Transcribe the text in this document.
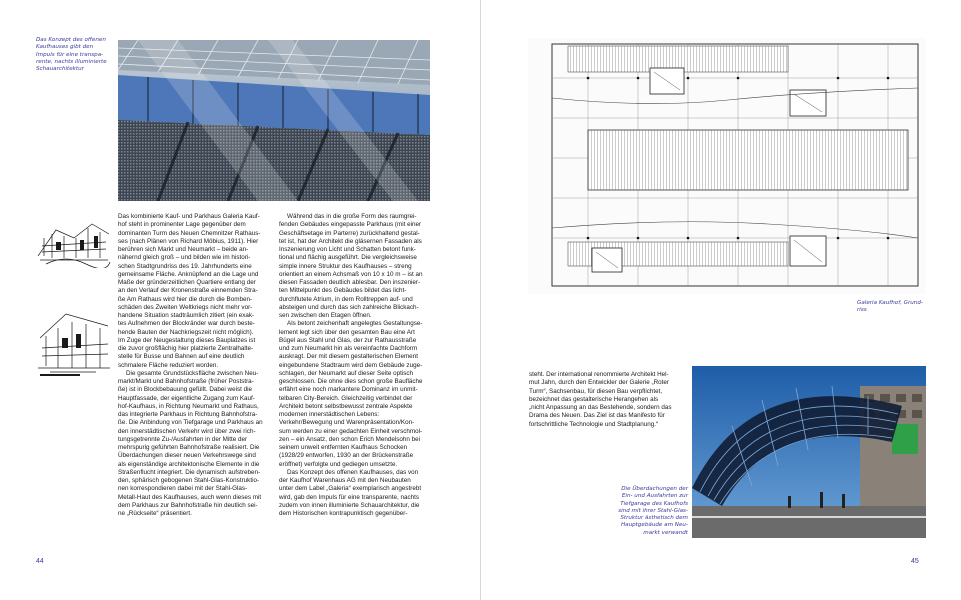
Das Konzept des offenen
Kaufhauses gibt den
Impuls für eine transpa-
rente, nachts illuminierte
Schauarchitektur

Das kombinierte Kauf- und Parkhaus Galeria Kauf-
hof steht in prominenter Lage gegenüber dem
dominanten Turm des Neuen Chemnitzer Rathaus-
ses (nach Plänen von Richard Möbius, 1911). Hier
berühren sich Markt und Neumarkt – beide an-
nähernd gleich groß – und bilden wie im histori-
schen Stadtgrundriss des 19. Jahrhunderts eine
gemeinsame Fläche. Anknüpfend an die Lage und
Maße der gründerzeitlichen Quartiere entlang der
an den Verlauf der Kronenstraße einnemden Stra-
ße Am Rathaus wird hier die durch die Bomben-
schäden des Zweiten Weltkriegs nicht mehr vor-
handene Situation stadträumlich zitiert (ein exak-
tes Aufnehmen der Blockränder war durch beste-
hende Bauten der Nachkriegszeit nicht möglich).
Im Zuge der Neugestaltung dieses Bauplatzes ist
die zuvor großflächig hier platzierte Zentralhalte-
stelle für Busse und Bahnen auf eine deutlich
schmalere Fläche reduziert worden.

Die gesamte Grundstücksfläche zwischen Neu-
markt/Markt und Bahnhofstraße (früher Poststra-
ße) ist in Blockbebauung gefüllt. Dabei weist die
Hauptfassade, der eigentliche Zugang zum Kauf-
hof-Kaufhaus, in Richtung Neumarkt und Rathaus,
das integrierte Parkhaus in Richtung Bahnhofstra-
ße. Die Anbindung von Tiefgarage und Parkhaus an
den innerstädtischen Verkehr wird über zwei rich-
tungsgetrennte Zu-/Ausfahrten in der Mitte der
mehrspurig geführten Bahnhofstraße realisiert. Die
Überdachungen dieser neuen Verkehrswege sind
als eigenständige architektonische Elemente in die
Straßenflucht integriert. Die dynamisch aufstreben-
den, sphärisch gebogenen Stahl-Glas-Konstruktio-
nen korrespondieren dabei mit der Stahl-Glas-
Metall-Haut des Kaufhauses, auch wenn dieses mit
dem Parkhaus zur Bahnhofstraße hin deutlich sei-
ne „Rückseite“ präsentiert.

Während das in die große Form des raumgrei-
fenden Gebäudes eingepasste Parkhaus (mit einer
Geschäftsetage im Parterre) zurückhaltend gestal-
tet ist, hat der Architekt die gläsernen Fassaden als
Inszenierung von Licht und Schatten betont funk-
tional und flächig ausgeführt. Die vergleichsweise
simple innere Struktur des Kaufhauses – streng
orientiert an einem Achsmaß von 10 x 10 m – ist an
diesen Fassaden deutlich ablesbar. Den inszenier-
ten Mittelpunkt des Gebäudes bildet das licht-
durchflutete Atrium, in dem Rolltreppen auf- und
absteigen und durch das sich zahlreiche Blickach-
sen zwischen den Etagen öffnen.

Als betont zeichenhaft angelegtes Gestaltungse-
lement legt sich über den gesamten Bau eine Art
Bügel aus Stahl und Glas, der zur Rathausstraße
und zum Neumarkt hin als vereinfachte Dachform
auskragt. Der mit diesem gestalterischen Element
eingebundene Stadtraum wird dem Gebäude zuge-
schlagen, der Neumarkt auf dieser Seite optisch
geschlossen. Die ohne dies schon große Baufläche
erfährt eine noch markantere Dominanz im unmit-
telbaren City-Bereich. Gleichzeitig verbindet der
Architekt betont selbstbewusst zentrale Aspekte
modernen innerstädtischen Lebens:
Verkehr/Bewegung und Warenpräsentation/Kon-
sum werden zu einer gedachten Einheit verschmol-
zen – ein Ansatz, den schon Erich Mendelsohn bei
seinem unweit entfernten Kaufhaus Schocken
(1928/29 entworfen, 1930 an der Brückenstraße
eröffnet) verfolgte und gediegen umsetzte.

Das Konzept des offenen Kaufhauses, das von
der Kaufhof Warenhaus AG mit den Neubauten
unter dem Label „Galeria“ exemplarisch angestrebt
wird, gab den Impuls für eine transparente, nachts
zudem von innen illuminierte Schauarchitektur, die
dem Historischen kontrapunktisch gegenüber-

44
Galeria Kaufhof, Grund-
riss

steht. Der international renommierte Architekt Hel-
mut Jahn, durch den Entwickler der Galerie „Roter
Turm“, Sachsenbau, für diesen Bau verpflichtet,
bezeichnet das gestalterische Herangehen als
„nicht Anpassung an das Bestehende, sondern das
Drama des Neuen. Das Ziel ist das Manifesto für
fortschrittliche Technologie und Stadtplanung.“

Die Überdachungen der
Ein- und Ausfahrten zur
Tiefgarage des Kaufhofs
sind mit ihrer Stahl-Glas-
Struktur ästhetisch dem
Hauptgebäude am Neu-
markt verwandt
45
